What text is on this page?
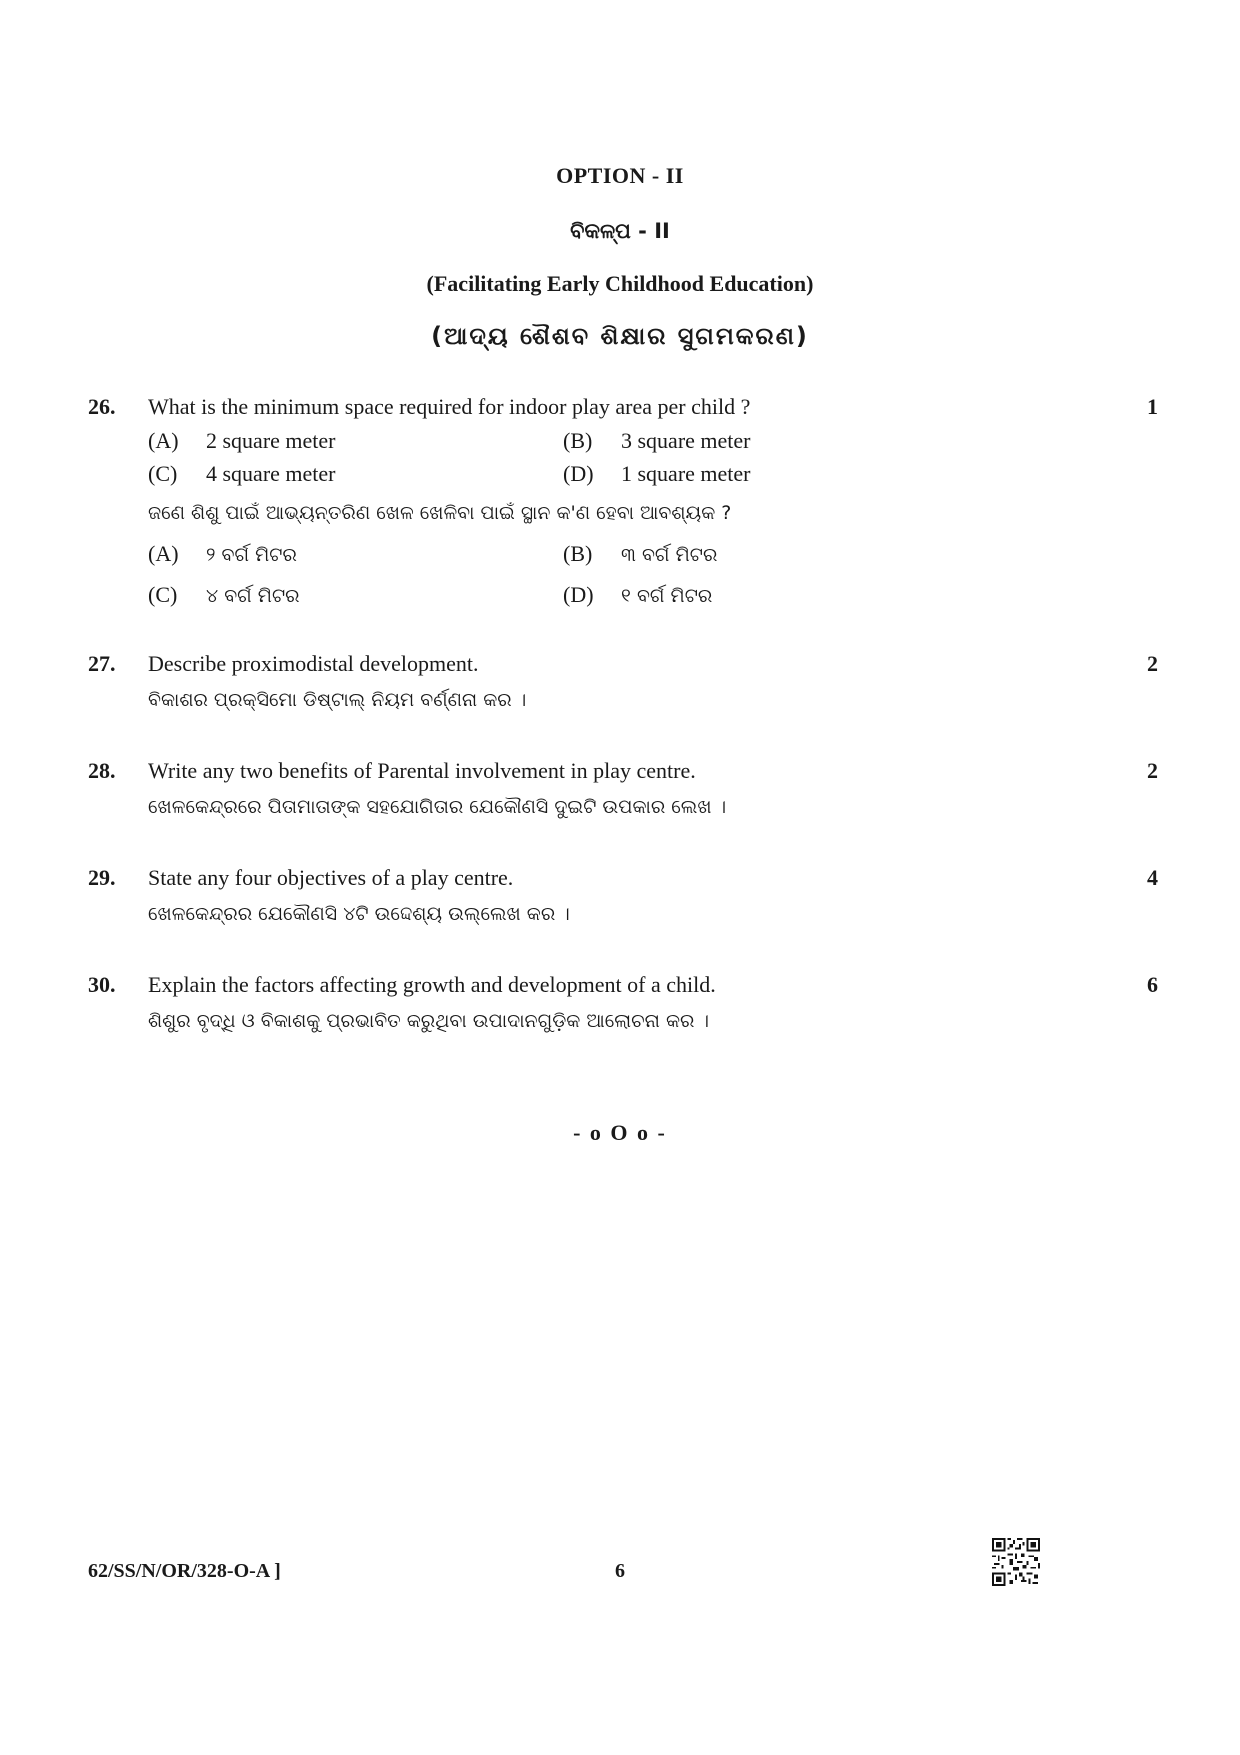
OPTION - II
ବିକଳ୍ପ - II
(Facilitating Early Childhood Education)
(ଆଦ୍ୟ ଶୈଶବ ଶିକ୍ଷାର ସୁଗମକରଣ)
26. What is the minimum space required for indoor play area per child ?	1
(A) 2 square meter	(B) 3 square meter
(C) 4 square meter	(D) 1 square meter
ଜଣେ ଶିଶୁ ପାଇଁ ଆଭ୍ୟନ୍ତରିଣ ଖେଳ ଖେଳିବା ପାଇଁ ସ୍ଥାନ କ'ଣ ହେବା ଆବଶ୍ୟକ ?
(A) ୨ ବର୍ଗ ମିଟର	(B) ୩ ବର୍ଗ ମିଟର
(C) ୪ ବର୍ଗ ମିଟର	(D) ୧ ବର୍ଗ ମିଟର
27. Describe proximodistal development.	2
ବିକାଶର ପ୍ରକ୍ସିମୋ ଡିଷ୍ଟାଲ୍ ନିୟମ ବର୍ଣ୍ଣନା କର ।
28. Write any two benefits of Parental involvement in play centre.	2
ଖେଳକେନ୍ଦ୍ରରେ ପିତାମାତାଙ୍କ ସହଯୋଗିତାର ଯେକୌଣସି ଦୁଇଟି ଉପକାର ଲେଖ ।
29. State any four objectives of a play centre.	4
ଖେଳକେନ୍ଦ୍ରର ଯେକୌଣସି ୪ଟି ଉଦ୍ଦେଶ୍ୟ ଉଲ୍ଲେଖ କର ।
30. Explain the factors affecting growth and development of a child.	6
ଶିଶୁର ବୃଦ୍ଧି ଓ ବିକାଶକୁ ପ୍ରଭାବିତ କରୁଥିବା ଉପାଦାନଗୁଡ଼ିକ ଆଲୋଚନା କର ।
- o O o -
62/SS/N/OR/328-O-A ]	6
